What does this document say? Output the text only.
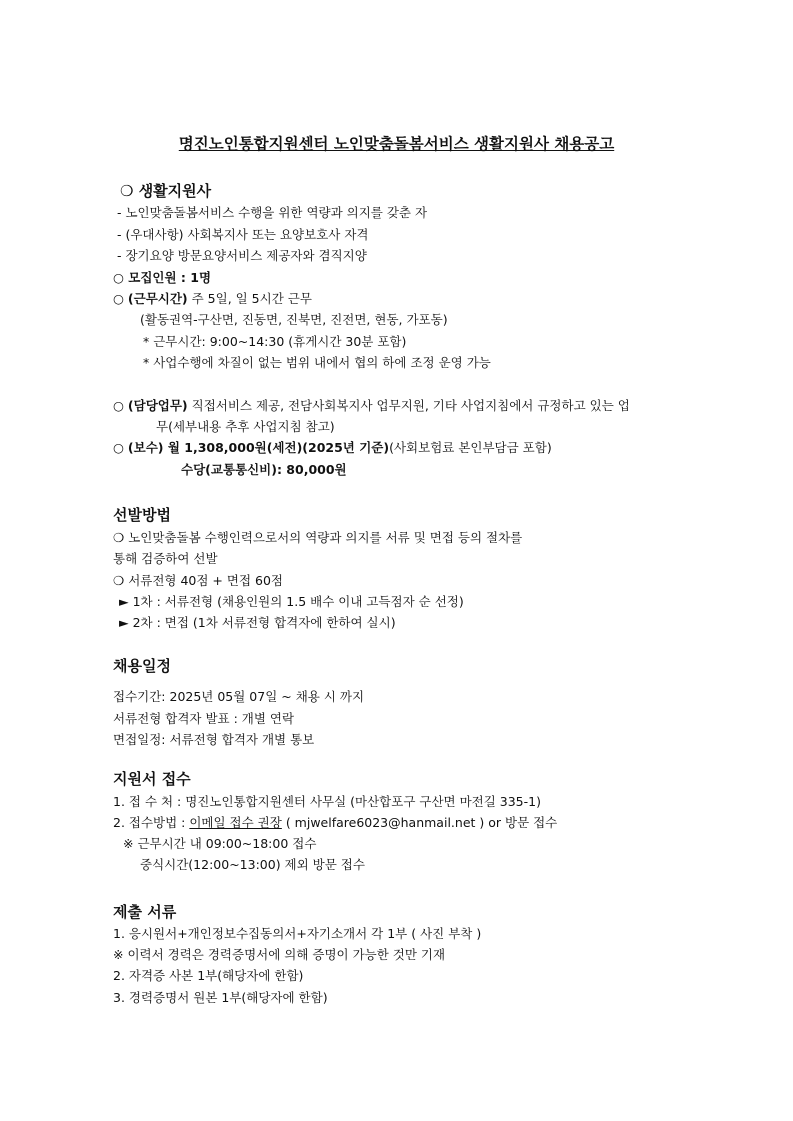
명진노인통합지원센터 노인맞춤돌봄서비스 생활지원사 채용공고
❍ 생활지원사
- 노인맞춤돌봄서비스 수행을 위한 역량과 의지를 갖춘 자
- (우대사항) 사회복지사 또는 요양보호사 자격
- 장기요양 방문요양서비스 제공자와 겸직지양
○ 모집인원 : 1명
○ (근무시간) 주 5일, 일 5시간 근무
(활동권역-구산면, 진동면, 진북면, 진전면, 현동, 가포동)
* 근무시간: 9:00~14:30 (휴게시간 30분 포함)
* 사업수행에 차질이 없는 범위 내에서 협의 하에 조정 운영 가능
○ (담당업무) 직접서비스 제공, 전담사회복지사 업무지원, 기타 사업지침에서 규정하고 있는 업
무(세부내용 추후 사업지침 참고)
○ (보수) 월 1,308,000원(세전)(2025년 기준)(사회보험료 본인부담금 포함)
수당(교통통신비): 80,000원
선발방법
❍ 노인맞춤돌봄 수행인력으로서의 역량과 의지를 서류 및 면접 등의 절차를
통해 검증하여 선발
❍ 서류전형 40점 + 면접 60점
► 1차 : 서류전형 (채용인원의 1.5 배수 이내 고득점자 순 선정)
► 2차 : 면접 (1차 서류전형 합격자에 한하여 실시)
채용일정
접수기간: 2025년 05월 07일 ~ 채용 시 까지
서류전형 합격자 발표 : 개별 연락
면접일정: 서류전형 합격자 개별 통보
지원서 접수
1. 접 수 처 : 명진노인통합지원센터 사무실 (마산합포구 구산면 마전길 335-1)
2. 접수방법 : 이메일 접수 권장 ( mjwelfare6023@hanmail.net ) or 방문 접수
※ 근무시간 내 09:00~18:00 접수
중식시간(12:00~13:00) 제외 방문 접수
제출 서류
1. 응시원서+개인정보수집동의서+자기소개서 각 1부 ( 사진 부착 )
※ 이력서 경력은 경력증명서에 의해 증명이 가능한 것만 기재
2. 자격증 사본 1부(해당자에 한함)
3. 경력증명서 원본 1부(해당자에 한함)
